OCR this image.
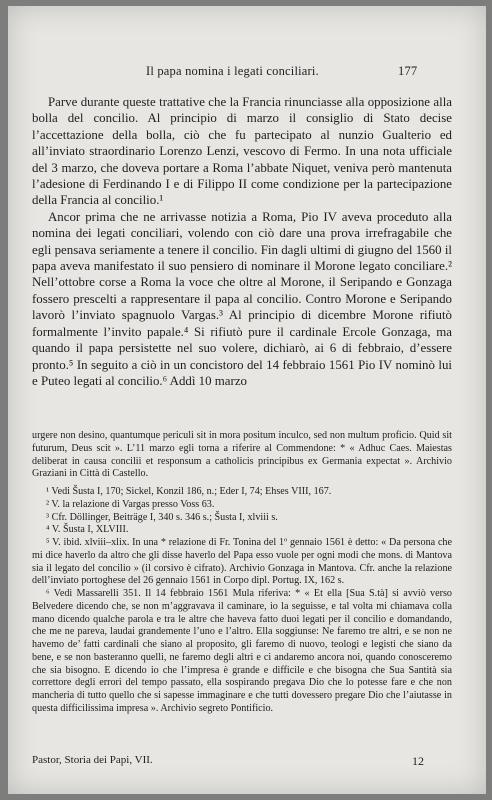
Il papa nomina i legati conciliari.	177

Parve durante queste trattative che la Francia rinunciasse alla opposizione alla bolla del concilio. Al principio di marzo il consiglio di Stato decise l’accettazione della bolla, ciò che fu partecipato al nunzio Gualterio ed all’inviato straordinario Lorenzo Lenzi, vescovo di Fermo. In una nota ufficiale del 3 marzo, che doveva portare a Roma l’abbate Niquet, veniva però mantenuta l’adesione di Ferdinando I e di Filippo II come condizione per la partecipazione della Francia al concilio.¹

Ancor prima che ne arrivasse notizia a Roma, Pio IV aveva proceduto alla nomina dei legati conciliari, volendo con ciò dare una prova irrefragabile che egli pensava seriamente a tenere il concilio. Fin dagli ultimi di giugno del 1560 il papa aveva manifestato il suo pensiero di nominare il Morone legato conciliare.² Nell’ottobre corse a Roma la voce che oltre al Morone, il Seripando e Gonzaga fossero prescelti a rappresentare il papa al concilio. Contro Morone e Seripando lavorò l’inviato spagnuolo Vargas.³ Al principio di dicembre Morone rifiutò formalmente l’invito papale.⁴ Si rifiutò pure il cardinale Ercole Gonzaga, ma quando il papa persistette nel suo volere, dichiarò, ai 6 di febbraio, d’essere pronto.⁵ In seguito a ciò in un concistoro del 14 febbraio 1561 Pio IV nominò lui e Puteo legati al concilio.⁶ Addì 10 marzo

urgere non desino, quantumque periculi sit in mora positum inculco, sed non multum proficio. Quid sit futurum, Deus scit ». L’11 marzo egli torna a riferire al Commendone: * « Adhuc Caes. Maiestas deliberat in causa concilii et responsum a catholicis principibus ex Germania expectat ». Archivio Graziani in Città di Castello.

¹ Vedi Šusta I, 170; Sickel, Konzil 186, n.; Eder I, 74; Ehses VIII, 167.

² V. la relazione di Vargas presso Voss 63.

³ Cfr. Döllinger, Beiträge I, 340 s. 346 s.; Šusta I, xlviii s.

⁴ V. Šusta I, XLVIII.

⁵ V. ibid. xlviii–xlix. In una * relazione di Fr. Tonina del 1º gennaio 1561 è detto: « Da persona che mi dice haverlo da altro che gli disse haverlo del Papa esso vuole per ogni modi che mons. di Mantova sia il legato del concilio » (il corsivo è cifrato). Archivio Gonzaga in Mantova. Cfr. anche la relazione dell’inviato portoghese del 26 gennaio 1561 in Corpo dipl. Portug. IX, 162 s.

⁶ Vedi Massarelli 351. Il 14 febbraio 1561 Mula riferiva: * « Et ella [Sua S.tà] si avviò verso Belvedere dicendo che, se non m’aggravava il caminare, io la seguisse, e tal volta mi chiamava colla mano dicendo qualche parola e tra le altre che haveva fatto duoi legati per il concilio e domandando, che me ne pareva, laudai grandemente l’uno e l’altro. Ella soggiunse: Ne faremo tre altri, e se non ne havemo de’ fatti cardinali che siano al proposito, gli faremo di nuovo, teologi e legisti che siano da bene, e se non basteranno quelli, ne faremo degli altri e ci andaremo ancora noi, quando conosceremo che sia bisogno. E dicendo io che l’impresa è grande e difficile e che bisogna che Sua Santità sia correttore degli errori del tempo passato, ella sospirando pregava Dio che lo potesse fare e che non mancheria di tutto quello che si sapesse immaginare e che tutti dovessero pregare Dio che l’aiutasse in questa difficilissima impresa ». Archivio segreto Pontificio.

Pastor, Storia dei Papi, VII.	12
